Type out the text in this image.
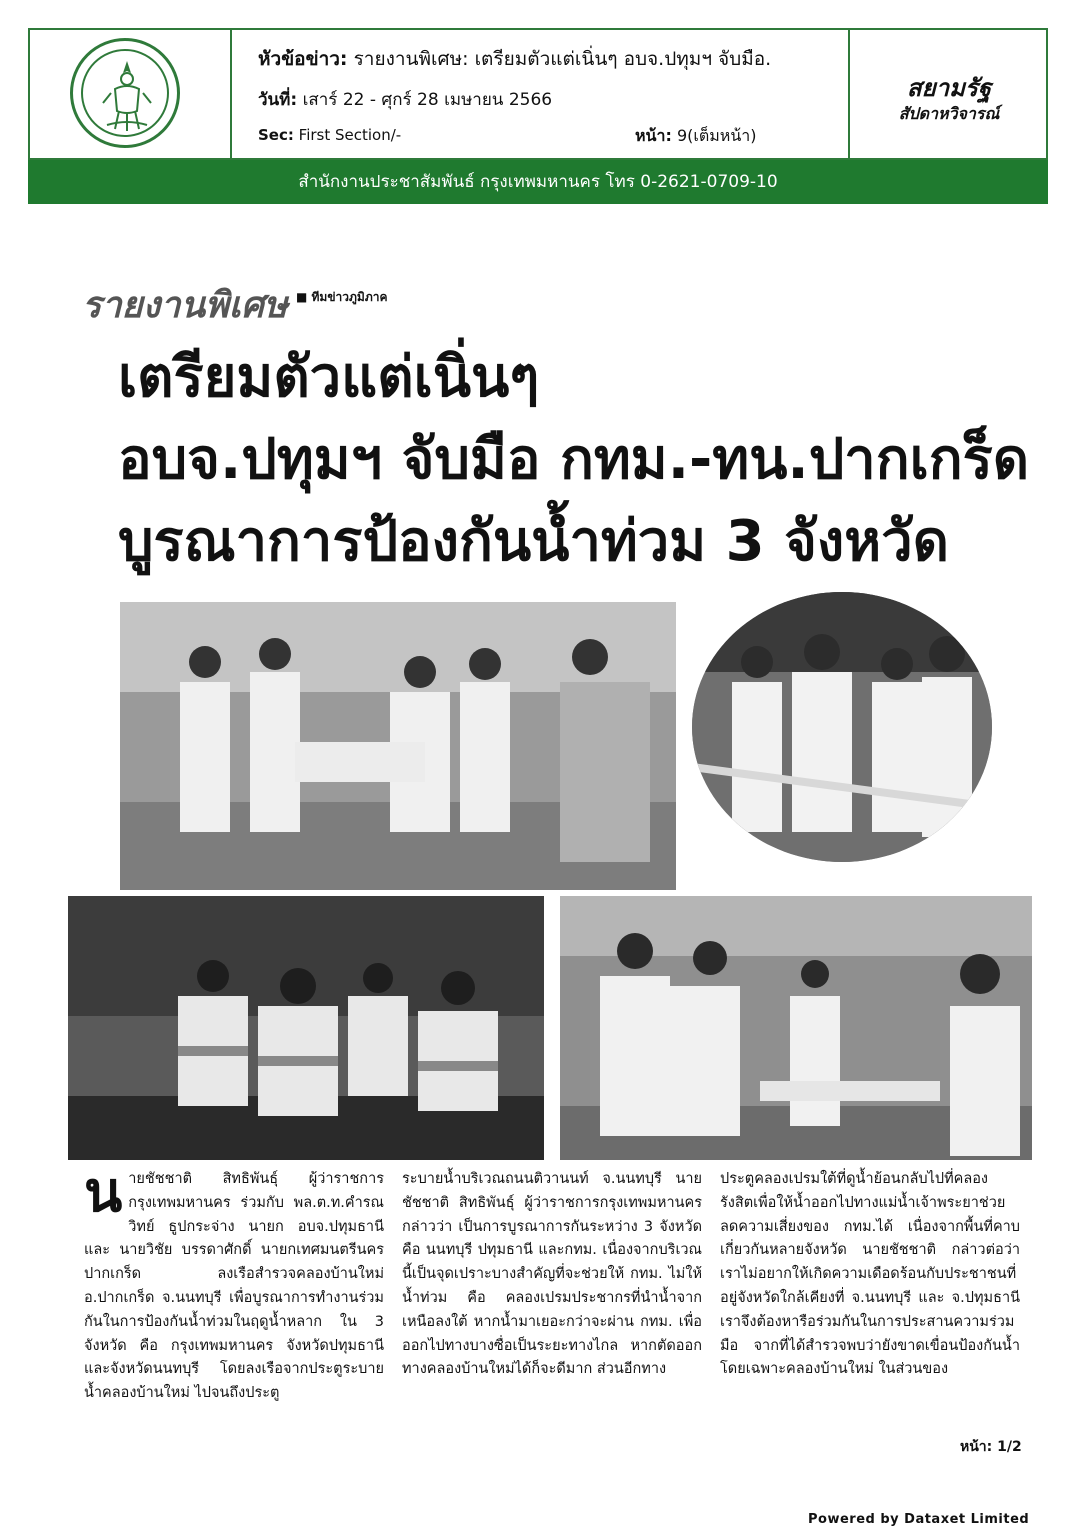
หัวข้อข่าว: รายงานพิเศษ: เตรียมตัวแต่เนิ่นๆ อบจ.ปทุมฯ จับมือ.
วันที่: เสาร์ 22 - ศุกร์ 28 เมษายน 2566
Sec: First Section/-	หน้า: 9(เต็มหน้า)
สยามรัฐ
สัปดาหวิจารณ์
สำนักงานประชาสัมพันธ์ กรุงเทพมหานคร โทร 0-2621-0709-10
รายงานพิเศษ ■ ทีมข่าวภูมิภาค
เตรียมตัวแต่เนิ่นๆ
อบจ.ปทุมฯ จับมือ กทม.-ทน.ปากเกร็ด
บูรณาการป้องกันน้ำท่วม 3 จังหวัด
น ายชัชชาติ สิทธิพันธุ์ ผู้ว่าราชการกรุงเทพมหานคร ร่วมกับ พล.ต.ท.คำรณวิทย์ ธูปกระจ่าง นายก อบจ.ปทุมธานี และ นายวิชัย บรรดาศักดิ์ นายกเทศมนตรีนครปากเกร็ด ลงเรือสำรวจคลองบ้านใหม่ อ.ปากเกร็ด จ.นนทบุรี เพื่อบูรณาการทำงานร่วมกันในการป้องกันน้ำท่วมในฤดูน้ำหลาก ใน 3 จังหวัด คือ กรุงเทพมหานคร จังหวัดปทุมธานี และจังหวัดนนทบุรี โดยลงเรือจากประตูระบายน้ำคลองบ้านใหม่ ไปจนถึงประตู

ระบายน้ำบริเวณถนนติวานนท์ จ.นนทบุรี นายชัชชาติ สิทธิพันธุ์ ผู้ว่าราชการกรุงเทพมหานคร กล่าวว่า เป็นการบูรณาการกันระหว่าง 3 จังหวัดคือ นนทบุรี ปทุมธานี และกทม. เนื่องจากบริเวณนี้เป็นจุดเปราะบางสำคัญที่จะช่วยให้ กทม. ไม่ให้น้ำท่วม คือ คลองเปรมประชากรที่นำน้ำจากเหนือลงใต้ หากน้ำมาเยอะกว่าจะผ่าน กทม. เพื่อออกไปทางบางซื่อเป็นระยะทางไกล หากตัดออกทางคลองบ้านใหม่ได้ก็จะดีมาก ส่วนอีกทาง

ประตูคลองเปรมใต้ที่ดูน้ำย้อนกลับไปที่คลองรังสิตเพื่อให้น้ำออกไปทางแม่น้ำเจ้าพระยาช่วยลดความเสี่ยงของ กทม.ได้ เนื่องจากพื้นที่คาบเกี่ยวกันหลายจังหวัด นายชัชชาติ กล่าวต่อว่า เราไม่อยากให้เกิดความเดือดร้อนกับประชาชนที่อยู่จังหวัดใกล้เคียงที่ จ.นนทบุรี และ จ.ปทุมธานี เราจึงต้องหารือร่วมกันในการประสานความร่วมมือ จากที่ได้สำรวจพบว่ายังขาดเขื่อนป้องกันน้ำโดยเฉพาะคลองบ้านใหม่ ในส่วนของ

หน้า: 1/2
Powered by Dataxet Limited
